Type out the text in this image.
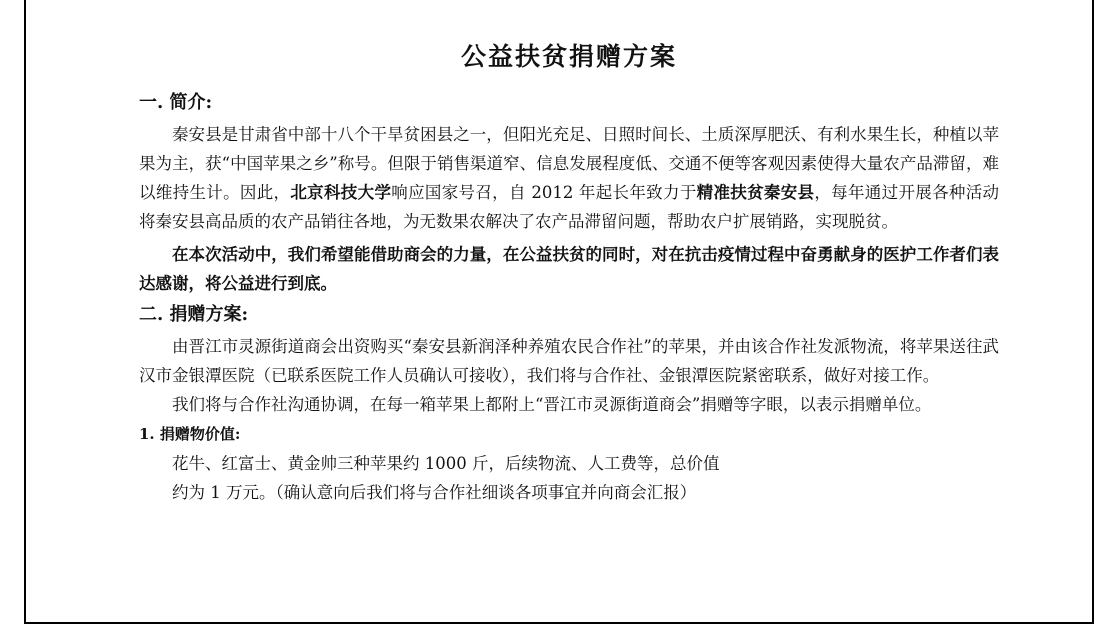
公益扶贫捐赠方案
一. 简介:

秦安县是甘肃省中部十八个干旱贫困县之一，但阳光充足、日照时间长、土质深厚肥沃、有利水果生长，种植以苹果为主，获“中国苹果之乡”称号。但限于销售渠道窄、信息发展程度低、交通不便等客观因素使得大量农产品滞留，难以维持生计。因此，北京科技大学响应国家号召，自 2012 年起长年致力于精准扶贫秦安县，每年通过开展各种活动将秦安县高品质的农产品销往各地，为无数果农解决了农产品滞留问题，帮助农户扩展销路，实现脱贫。

在本次活动中，我们希望能借助商会的力量，在公益扶贫的同时，对在抗击疫情过程中奋勇献身的医护工作者们表达感谢，将公益进行到底。

二. 捐赠方案:

由晋江市灵源街道商会出资购买“秦安县新润泽种养殖农民合作社”的苹果，并由该合作社发派物流，将苹果送往武汉市金银潭医院（已联系医院工作人员确认可接收），我们将与合作社、金银潭医院紧密联系，做好对接工作。

我们将与合作社沟通协调，在每一箱苹果上都附上“晋江市灵源街道商会”捐赠等字眼，以表示捐赠单位。

1. 捐赠物价值:

花牛、红富士、黄金帅三种苹果约 1000 斤，后续物流、人工费等，总价值
约为 1 万元。（确认意向后我们将与合作社细谈各项事宜并向商会汇报）
